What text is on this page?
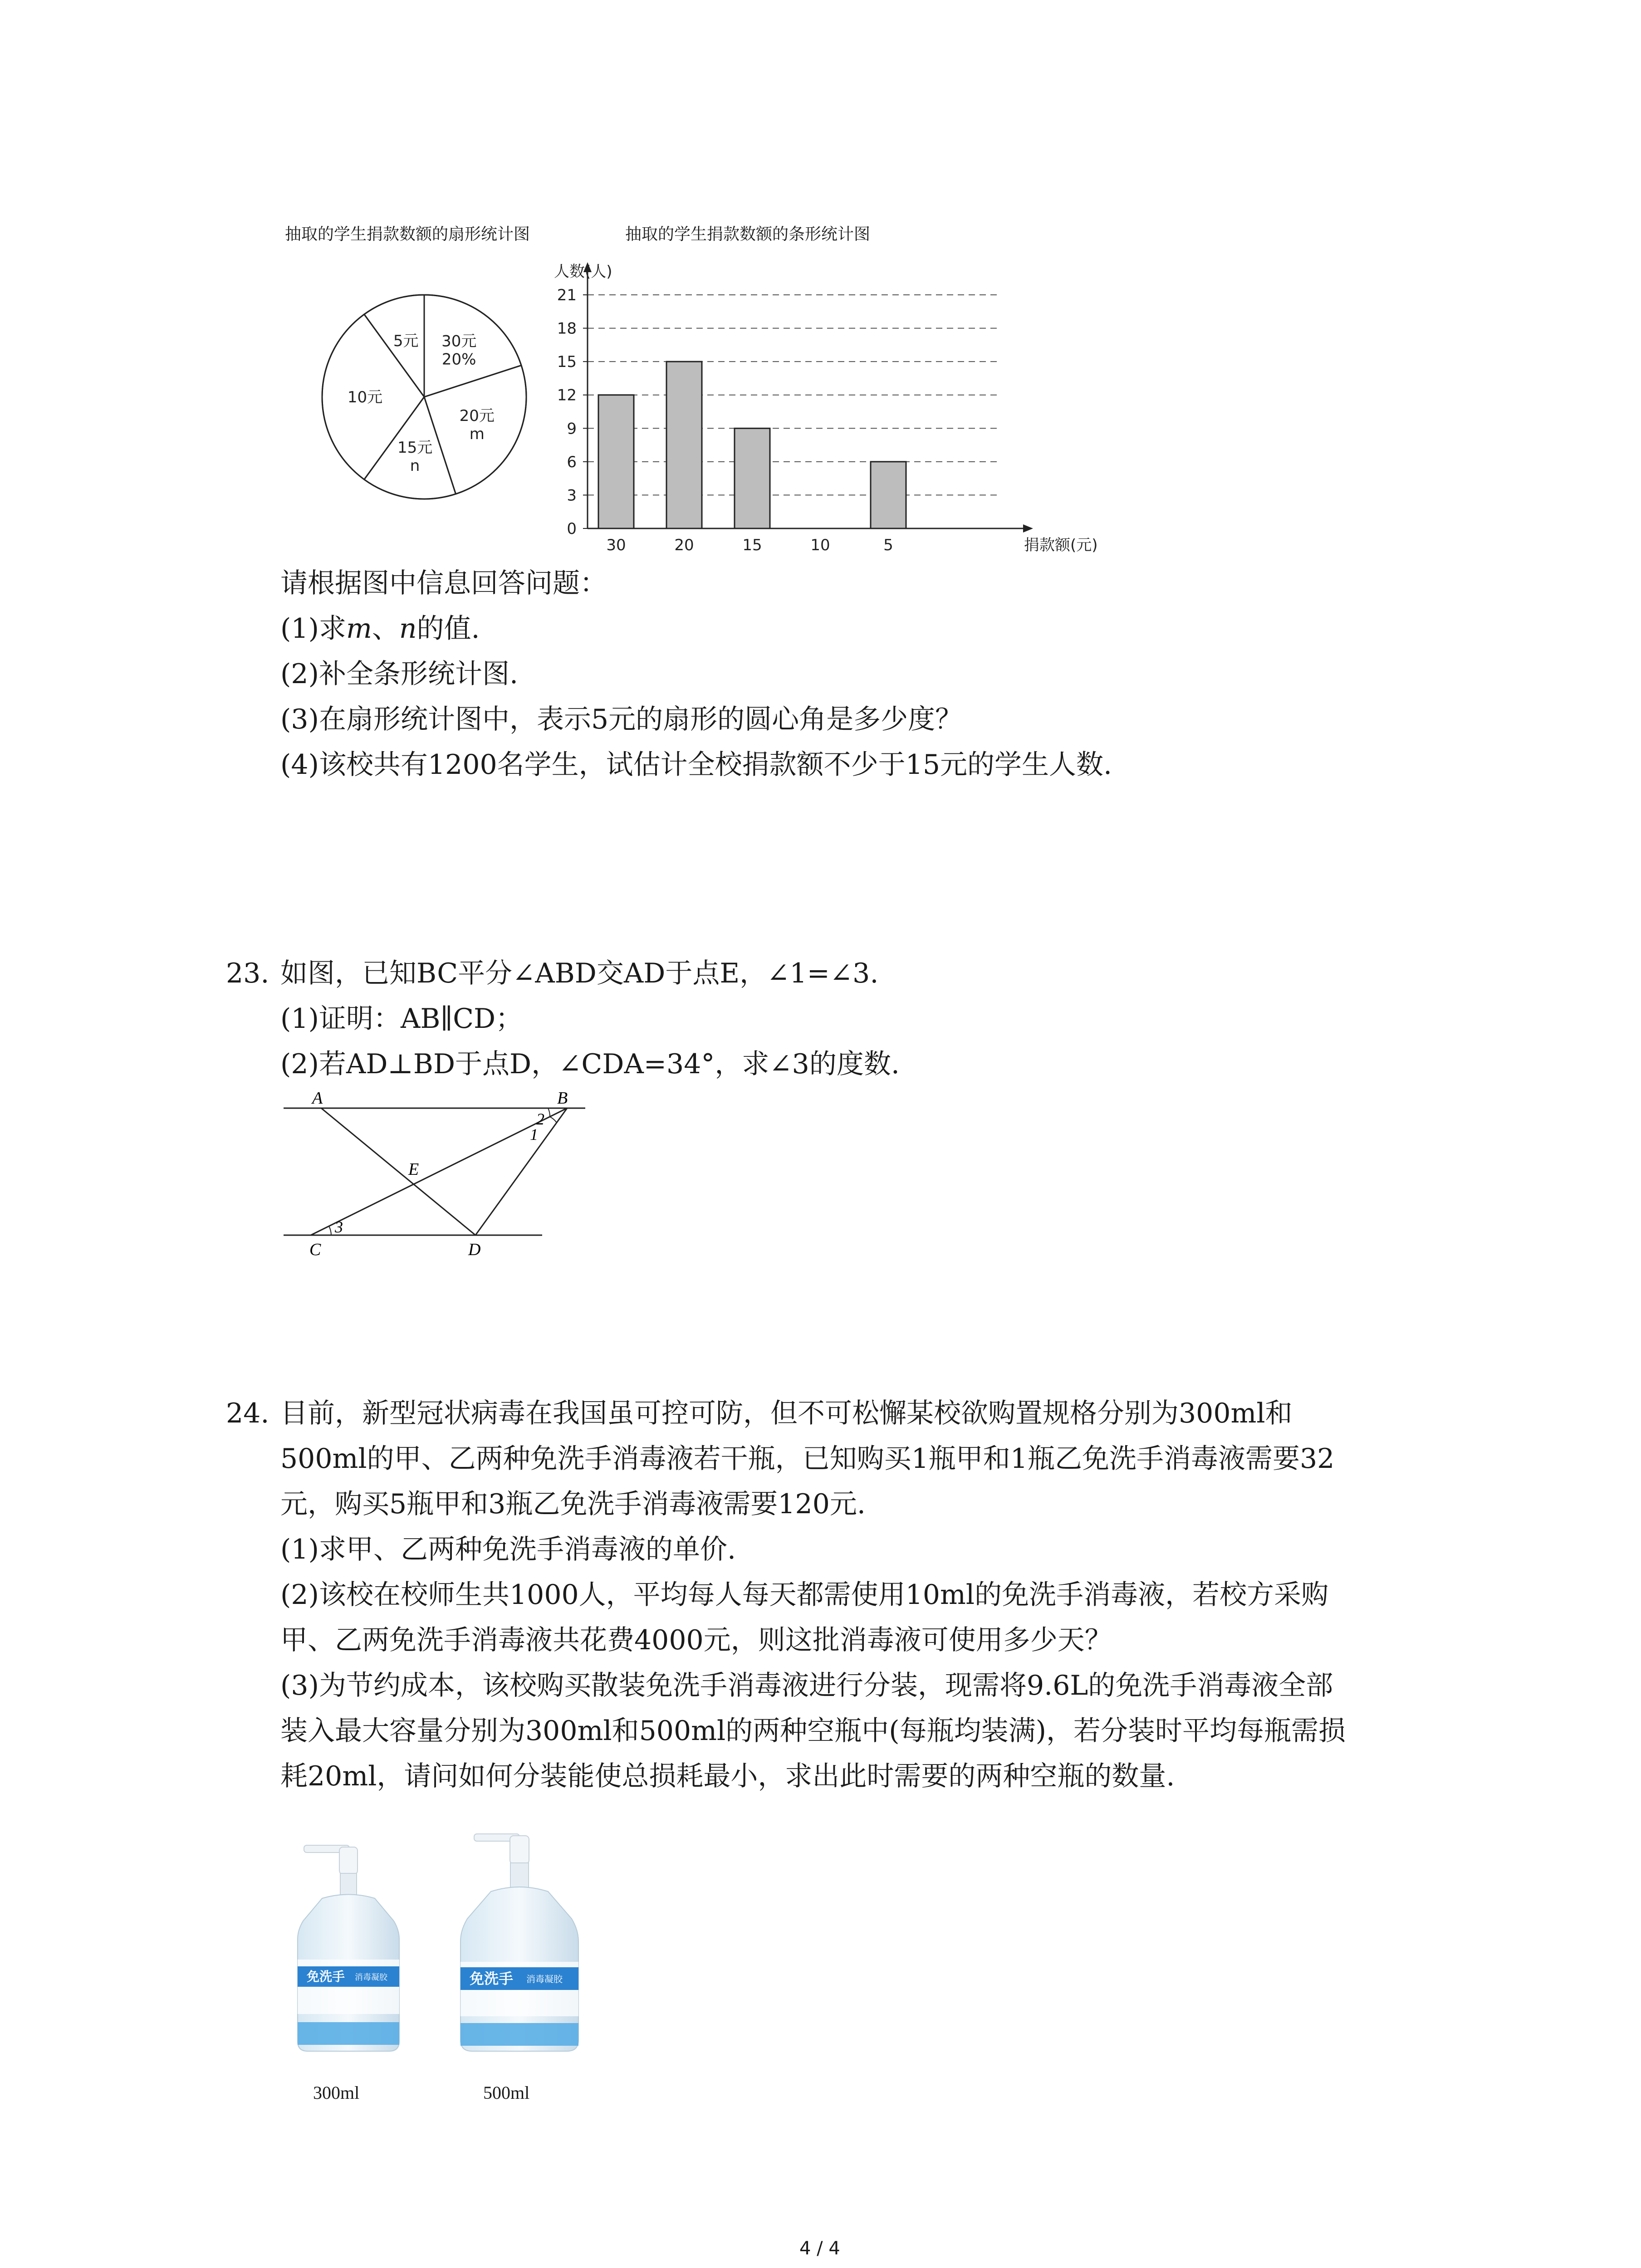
抽取的学生捐款数额的扇形统计图	抽取的学生捐款数额的条形统计图
30元
20%
20元
m
15元
n
10元
5元
0
3
6
9
12
15
18
21
人数(人)
捐款额(元)
30	20	15	10	5
请根据图中信息回答问题：
(1)求m、n的值.
(2)补全条形统计图.
(3)在扇形统计图中，表示5元的扇形的圆心角是多少度？
(4)该校共有1200名学生，试估计全校捐款额不少于15元的学生人数.
23. 如图，已知BC平分∠ABD交AD于点E，∠1=∠3.
(1)证明：AB∥CD；
(2)若AD⊥BD于点D，∠CDA=34°，求∠3的度数.
A	B
C	D
E
2
1
3
24. 目前，新型冠状病毒在我国虽可控可防，但不可松懈某校欲购置规格分别为300ml和
500ml的甲、乙两种免洗手消毒液若干瓶，已知购买1瓶甲和1瓶乙免洗手消毒液需要32
元，购买5瓶甲和3瓶乙免洗手消毒液需要120元.
(1)求甲、乙两种免洗手消毒液的单价.
(2)该校在校师生共1000人，平均每人每天都需使用10ml的免洗手消毒液，若校方采购
甲、乙两免洗手消毒液共花费4000元，则这批消毒液可使用多少天？
(3)为节约成本，该校购买散装免洗手消毒液进行分装，现需将9.6L的免洗手消毒液全部
装入最大容量分别为300ml和500ml的两种空瓶中(每瓶均装满)，若分装时平均每瓶需损
耗20ml，请问如何分装能使总损耗最小，求出此时需要的两种空瓶的数量.
免洗手 消毒凝胶
300ml
免洗手 消毒凝胶
500ml
4 / 4
